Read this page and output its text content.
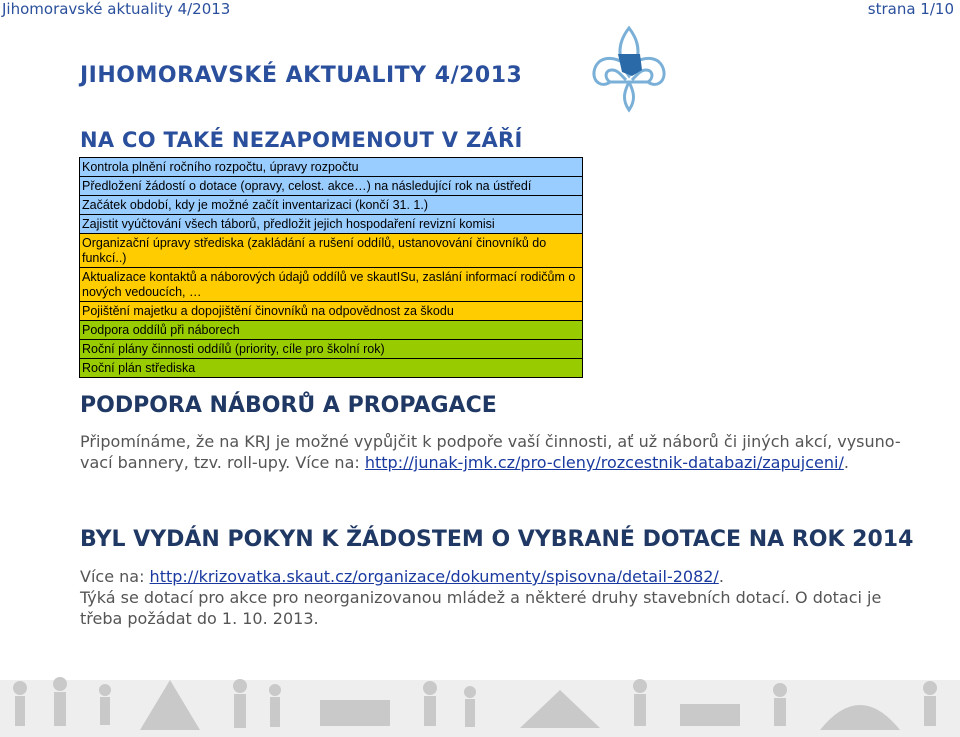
Jihomoravské aktuality 4/2013	strana 1/10
JIHOMORAVSKÉ AKTUALITY 4/2013
NA CO TAKÉ NEZAPOMENOUT V ZÁŘÍ
Kontrola plnění ročního rozpočtu, úpravy rozpočtu
Předložení žádostí o dotace (opravy, celost. akce…) na následující rok na ústředí
Začátek období, kdy je možné začít inventarizaci (končí 31. 1.)
Zajistit vyúčtování všech táborů, předložit jejich hospodaření revizní komisi
Organizační úpravy střediska (zakládání a rušení oddílů, ustanovování činovníků do funkcí..)
Aktualizace kontaktů a náborových údajů oddílů ve skautISu, zaslání informací rodičům o nových vedoucích, …
Pojištění majetku a dopojištění činovníků na odpovědnost za škodu
Podpora oddílů při náborech
Roční plány činnosti oddílů (priority, cíle pro školní rok)
Roční plán střediska
PODPORA NÁBORŮ A PROPAGACE
Připomínáme, že na KRJ je možné vypůjčit k podpoře vaší činnosti, ať už náborů či jiných akcí, vysuno-
vací bannery, tzv. roll-upy. Více na: http://junak-jmk.cz/pro-cleny/rozcestnik-databazi/zapujceni/.
BYL VYDÁN POKYN K ŽÁDOSTEM O VYBRANÉ DOTACE NA ROK 2014
Více na: http://krizovatka.skaut.cz/organizace/dokumenty/spisovna/detail-2082/.
Týká se dotací pro akce pro neorganizovanou mládež a některé druhy stavebních dotací. O dotaci je
třeba požádat do 1. 10. 2013.
